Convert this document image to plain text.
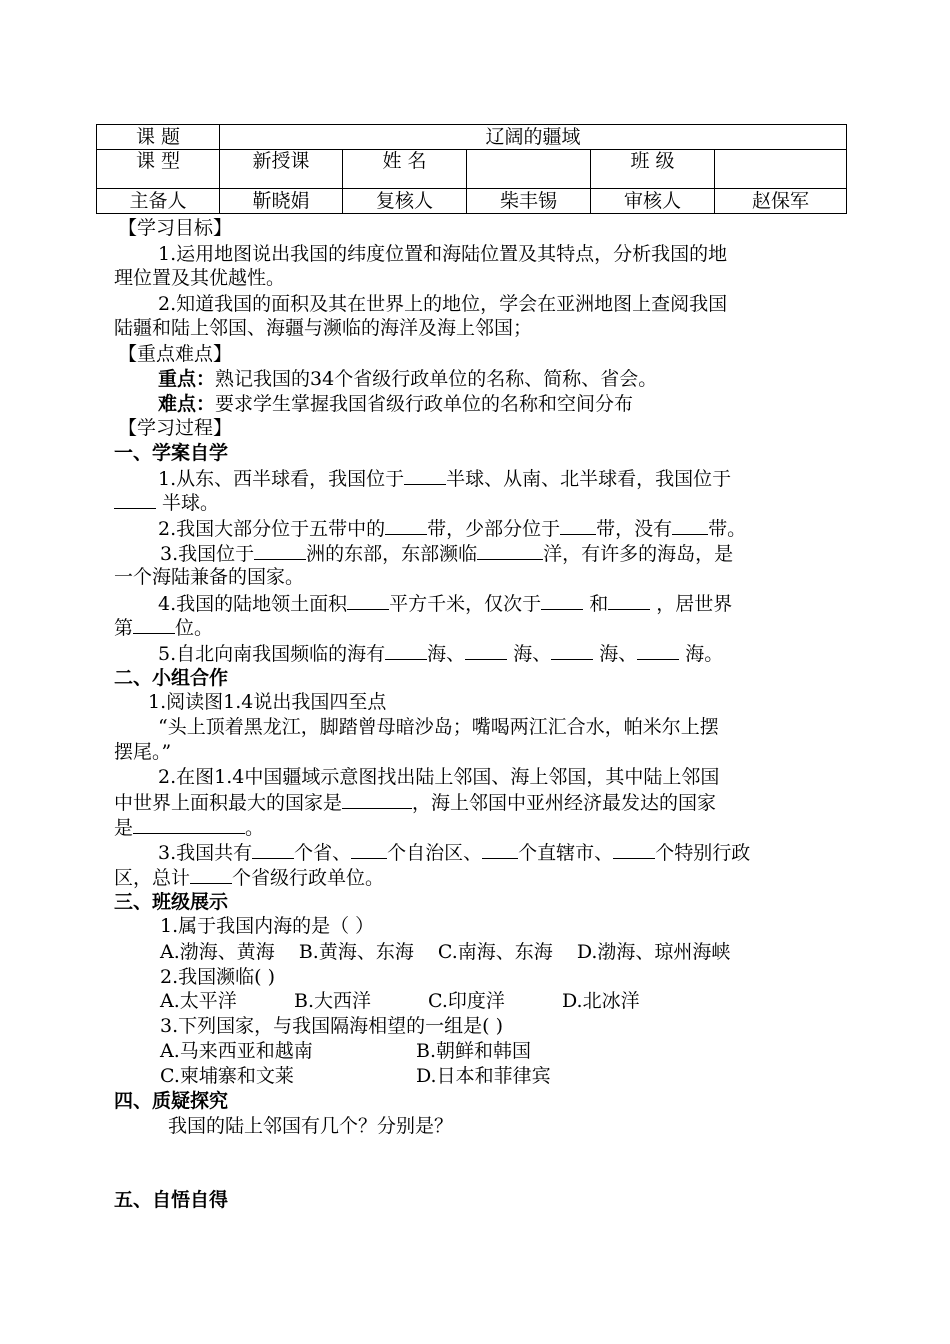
课 题	辽阔的疆域				
课 型	新授课	姓 名		班 级	
主备人	靳晓娟	复核人	柴丰锡	审核人	赵保军
【学习目标】
1.运用地图说出我国的纬度位置和海陆位置及其特点，分析我国的地
理位置及其优越性。
2.知道我国的面积及其在世界上的地位，学会在亚洲地图上查阅我国
陆疆和陆上邻国、海疆与濒临的海洋及海上邻国；
【重点难点】
重点：熟记我国的34个省级行政单位的名称、简称、省会。
难点：要求学生掌握我国省级行政单位的名称和空间分布
【学习过程】
一、学案自学
1.从东、西半球看，我国位于 半球、从南、北半球看，我国位于
半球。
2.我国大部分位于五带中的 带，少部分位于 带，没有 带。
3.我国位于	洲的东部，东部濒临	洋，有许多的海岛，是
一个海陆兼备的国家。
4.我国的陆地领土面积 平方千米，仅次于 和 ，居世界
第 位。
5.自北向南我国频临的海有 海、 海、 海、 海。
二、小组合作
1.阅读图1.4说出我国四至点
“头上顶着黑龙江，脚踏曾母暗沙岛；嘴喝两江汇合水，帕米尔上摆
摆尾。”
2.在图1.4中国疆域示意图找出陆上邻国、海上邻国，其中陆上邻国
中世界上面积最大的国家是	，海上邻国中亚州经济最发达的国家
是	。
3.我国共有 个省、 个自治区、 个直辖市、 个特别行政
区，总计 个省级行政单位。
三、班级展示
1.属于我国内海的是（ ）
A.渤海、黄海 B.黄海、东海 C.南海、东海 D.渤海、琼州海峡
2.我国濒临( )
A.太平洋	B.大西洋	C.印度洋	D.北冰洋
3.下列国家，与我国隔海相望的一组是( )
A.马来西亚和越南	B.朝鲜和韩国
C.柬埔寨和文莱	D.日本和菲律宾
四、质疑探究
我国的陆上邻国有几个？分别是？
五、自悟自得
